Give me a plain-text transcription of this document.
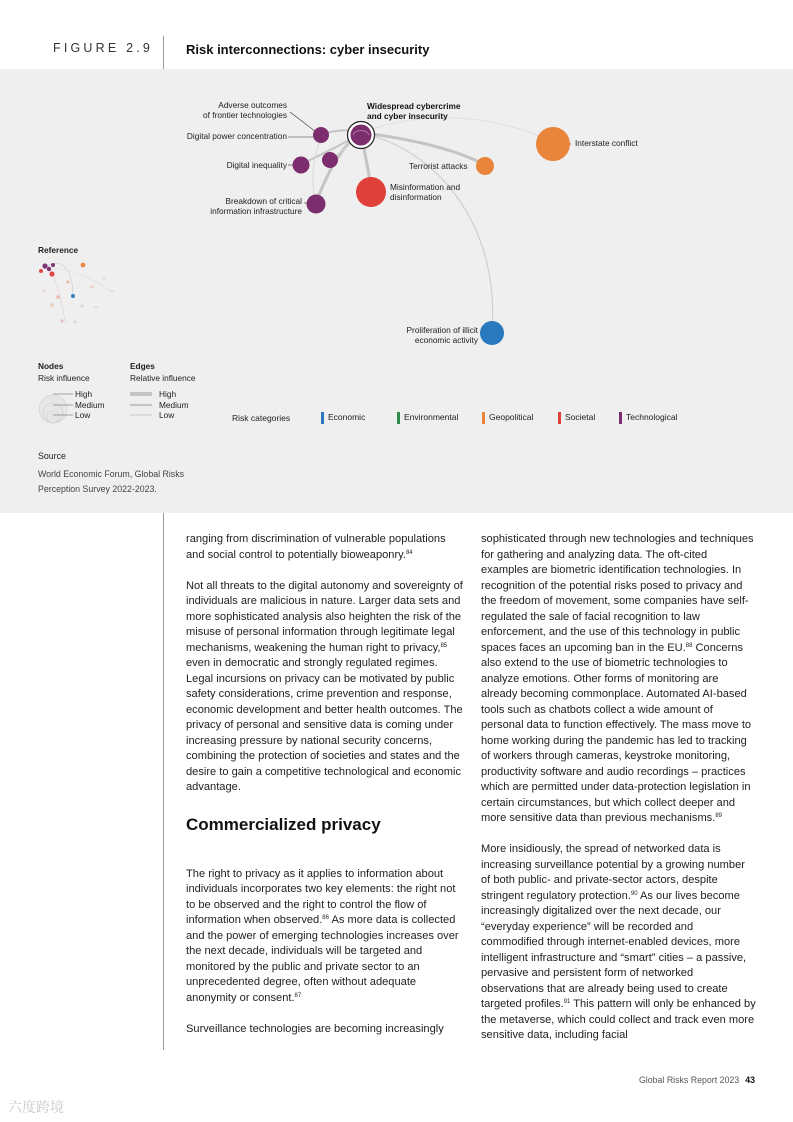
FIGURE 2.9	Risk interconnections: cyber insecurity
Adverse outcomes
of frontier technologies
Digital power concentration
Digital inequality
Breakdown of critical
information infrastructure
Widespread cybercrime
and cyber insecurity
Misinformation and
disinformation
Terrorist attacks
Interstate conflict
Proliferation of illicit
economic activity
Reference
Nodes
Risk influence
High
Medium
Low
Edges
Relative influence
High
Medium
Low	Risk categories	Economic	Environmental	Geopolitical	Societal	Technological
Source
World Economic Forum, Global Risks Perception Survey 2022-2023.

ranging from discrimination of vulnerable populations and social control to potentially bioweaponry.$^{84}$

Not all threats to the digital autonomy and sovereignty of individuals are malicious in nature. Larger data sets and more sophisticated analysis also heighten the risk of the misuse of personal information through legitimate legal mechanisms, weakening the human right to privacy,$^{85}$ even in democratic and strongly regulated regimes. Legal incursions on privacy can be motivated by public safety considerations, crime prevention and response, economic development and better health outcomes. The privacy of personal and sensitive data is coming under increasing pressure by national security concerns, combining the protection of societies and states and the desire to gain a competitive technological and economic advantage.

Commercialized privacy

The right to privacy as it applies to information about individuals incorporates two key elements: the right not to be observed and the right to control the flow of information when observed.$^{86}$ As more data is collected and the power of emerging technologies increases over the next decade, individuals will be targeted and monitored by the public and private sector to an unprecedented degree, often without adequate anonymity or consent.$^{87}$

Surveillance technologies are becoming increasingly

sophisticated through new technologies and techniques for gathering and analyzing data. The oft-cited examples are biometric identification technologies. In recognition of the potential risks posed to privacy and the freedom of movement, some companies have self-regulated the sale of facial recognition to law enforcement, and the use of this technology in public spaces faces an upcoming ban in the EU.$^{88}$ Concerns also extend to the use of biometric technologies to analyze emotions. Other forms of monitoring are already becoming commonplace. Automated AI-based tools such as chatbots collect a wide amount of personal data to function effectively. The mass move to home working during the pandemic has led to tracking of workers through cameras, keystroke monitoring, productivity software and audio recordings – practices which are permitted under data-protection legislation in certain circumstances, but which collect deeper and more sensitive data than previous mechanisms.$^{89}$

More insidiously, the spread of networked data is increasing surveillance potential by a growing number of both public- and private-sector actors, despite stringent regulatory protection.$^{90}$ As our lives become increasingly digitalized over the next decade, our “everyday experience” will be recorded and commodified through internet-enabled devices, more intelligent infrastructure and “smart” cities – a passive, pervasive and persistent form of networked observations that are already being used to create targeted profiles.$^{91}$ This pattern will only be enhanced by the metaverse, which could collect and track even more sensitive data, including facial

Global Risks Report 2023 43
六度跨境
